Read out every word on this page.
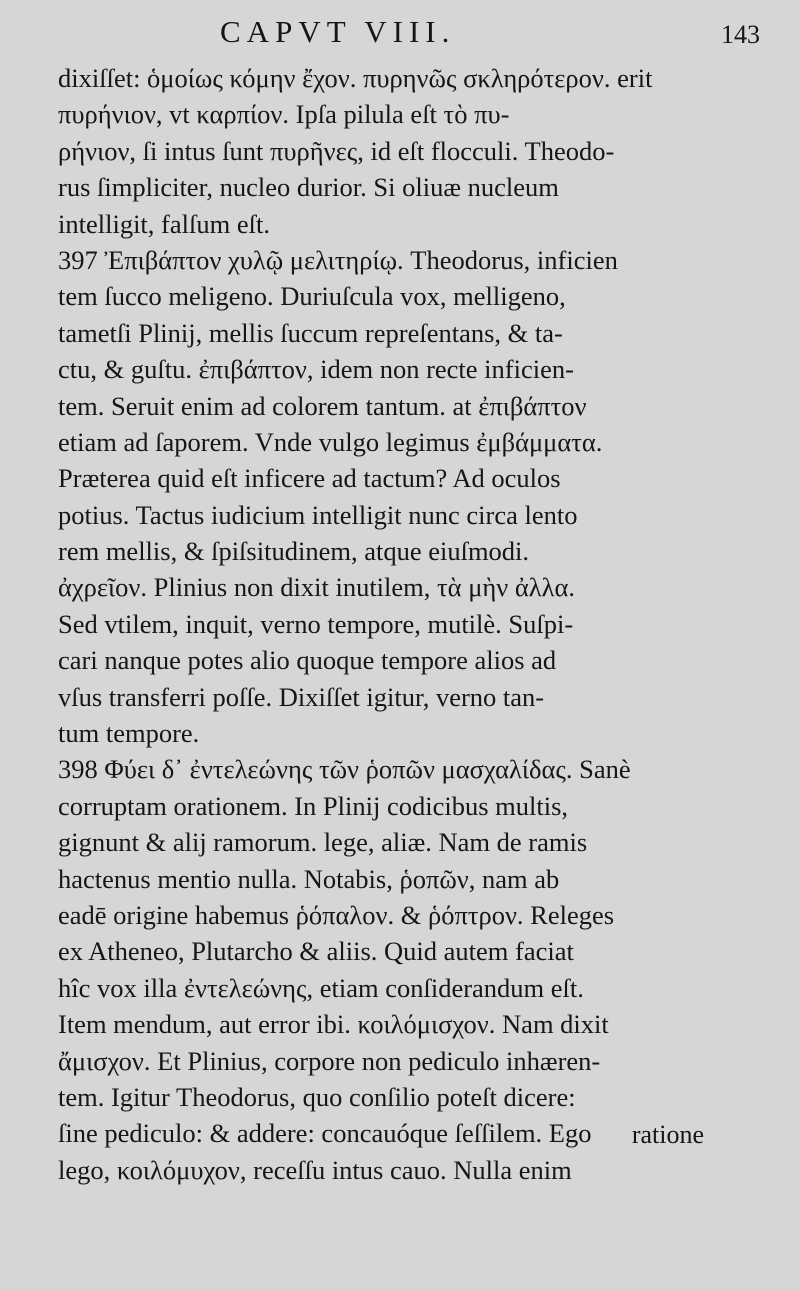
CAPVT VIII.	143
dixiſſet: ὁμοίως κόμην ἔχον. πυρηνῶς σκληρότερον. erit
πυρήνιον, vt καρπίον. Ipſa pilula eſt τὸ πυ-
ρήνιον, ſi intus ſunt πυρῆνες, id eſt flocculi. Theodo-
rus ſimpliciter, nucleo durior. Si oliuæ nucleum
intelligit, falſum eſt.
397 Ἐπιβάπτον χυλῷ μελιτηρίῳ. Theodorus, inficien
tem ſucco meligeno. Duriuſcula vox, melligeno,
tametſi Plinij, mellis ſuccum repreſentans, & ta-
ctu, & guſtu. ἐπιβάπτον, idem non recte inficien-
tem. Seruit enim ad colorem tantum. at ἐπιβάπτον
etiam ad ſaporem. Vnde vulgo legimus ἐμβάμματα.
Præterea quid eſt inficere ad tactum? Ad oculos
potius. Tactus iudicium intelligit nunc circa lento
rem mellis, & ſpiſsitudinem, atque eiuſmodi.
ἀχρεῖον. Plinius non dixit inutilem, τὰ μὴν ἀλλα.
Sed vtilem, inquit, verno tempore, mutilè. Suſpi-
cari nanque potes alio quoque tempore alios ad
vſus transferri poſſe. Dixiſſet igitur, verno tan-
tum tempore.
398 Φύει δ᾽ ἐντελεώνης τῶν ῥοπῶν μασχαλίδας. Sanè
corruptam orationem. In Plinij codicibus multis,
gignunt & alij ramorum. lege, aliæ. Nam de ramis
hactenus mentio nulla. Notabis, ῥοπῶν, nam ab
eadē origine habemus ῥόπαλον. & ῥόπτρον. Releges
ex Atheneo, Plutarcho & aliis. Quid autem faciat
hîc vox illa ἐντελεώνης, etiam conſiderandum eſt.
Item mendum, aut error ibi. κοιλόμισχον. Nam dixit
ἄμισχον. Et Plinius, corpore non pediculo inhæren-
tem. Igitur Theodorus, quo conſilio poteſt dicere:
ſine pediculo: & addere: concauóque ſeſſilem. Ego
lego, κοιλόμυχον, receſſu intus cauo. Nulla enim
ratione
